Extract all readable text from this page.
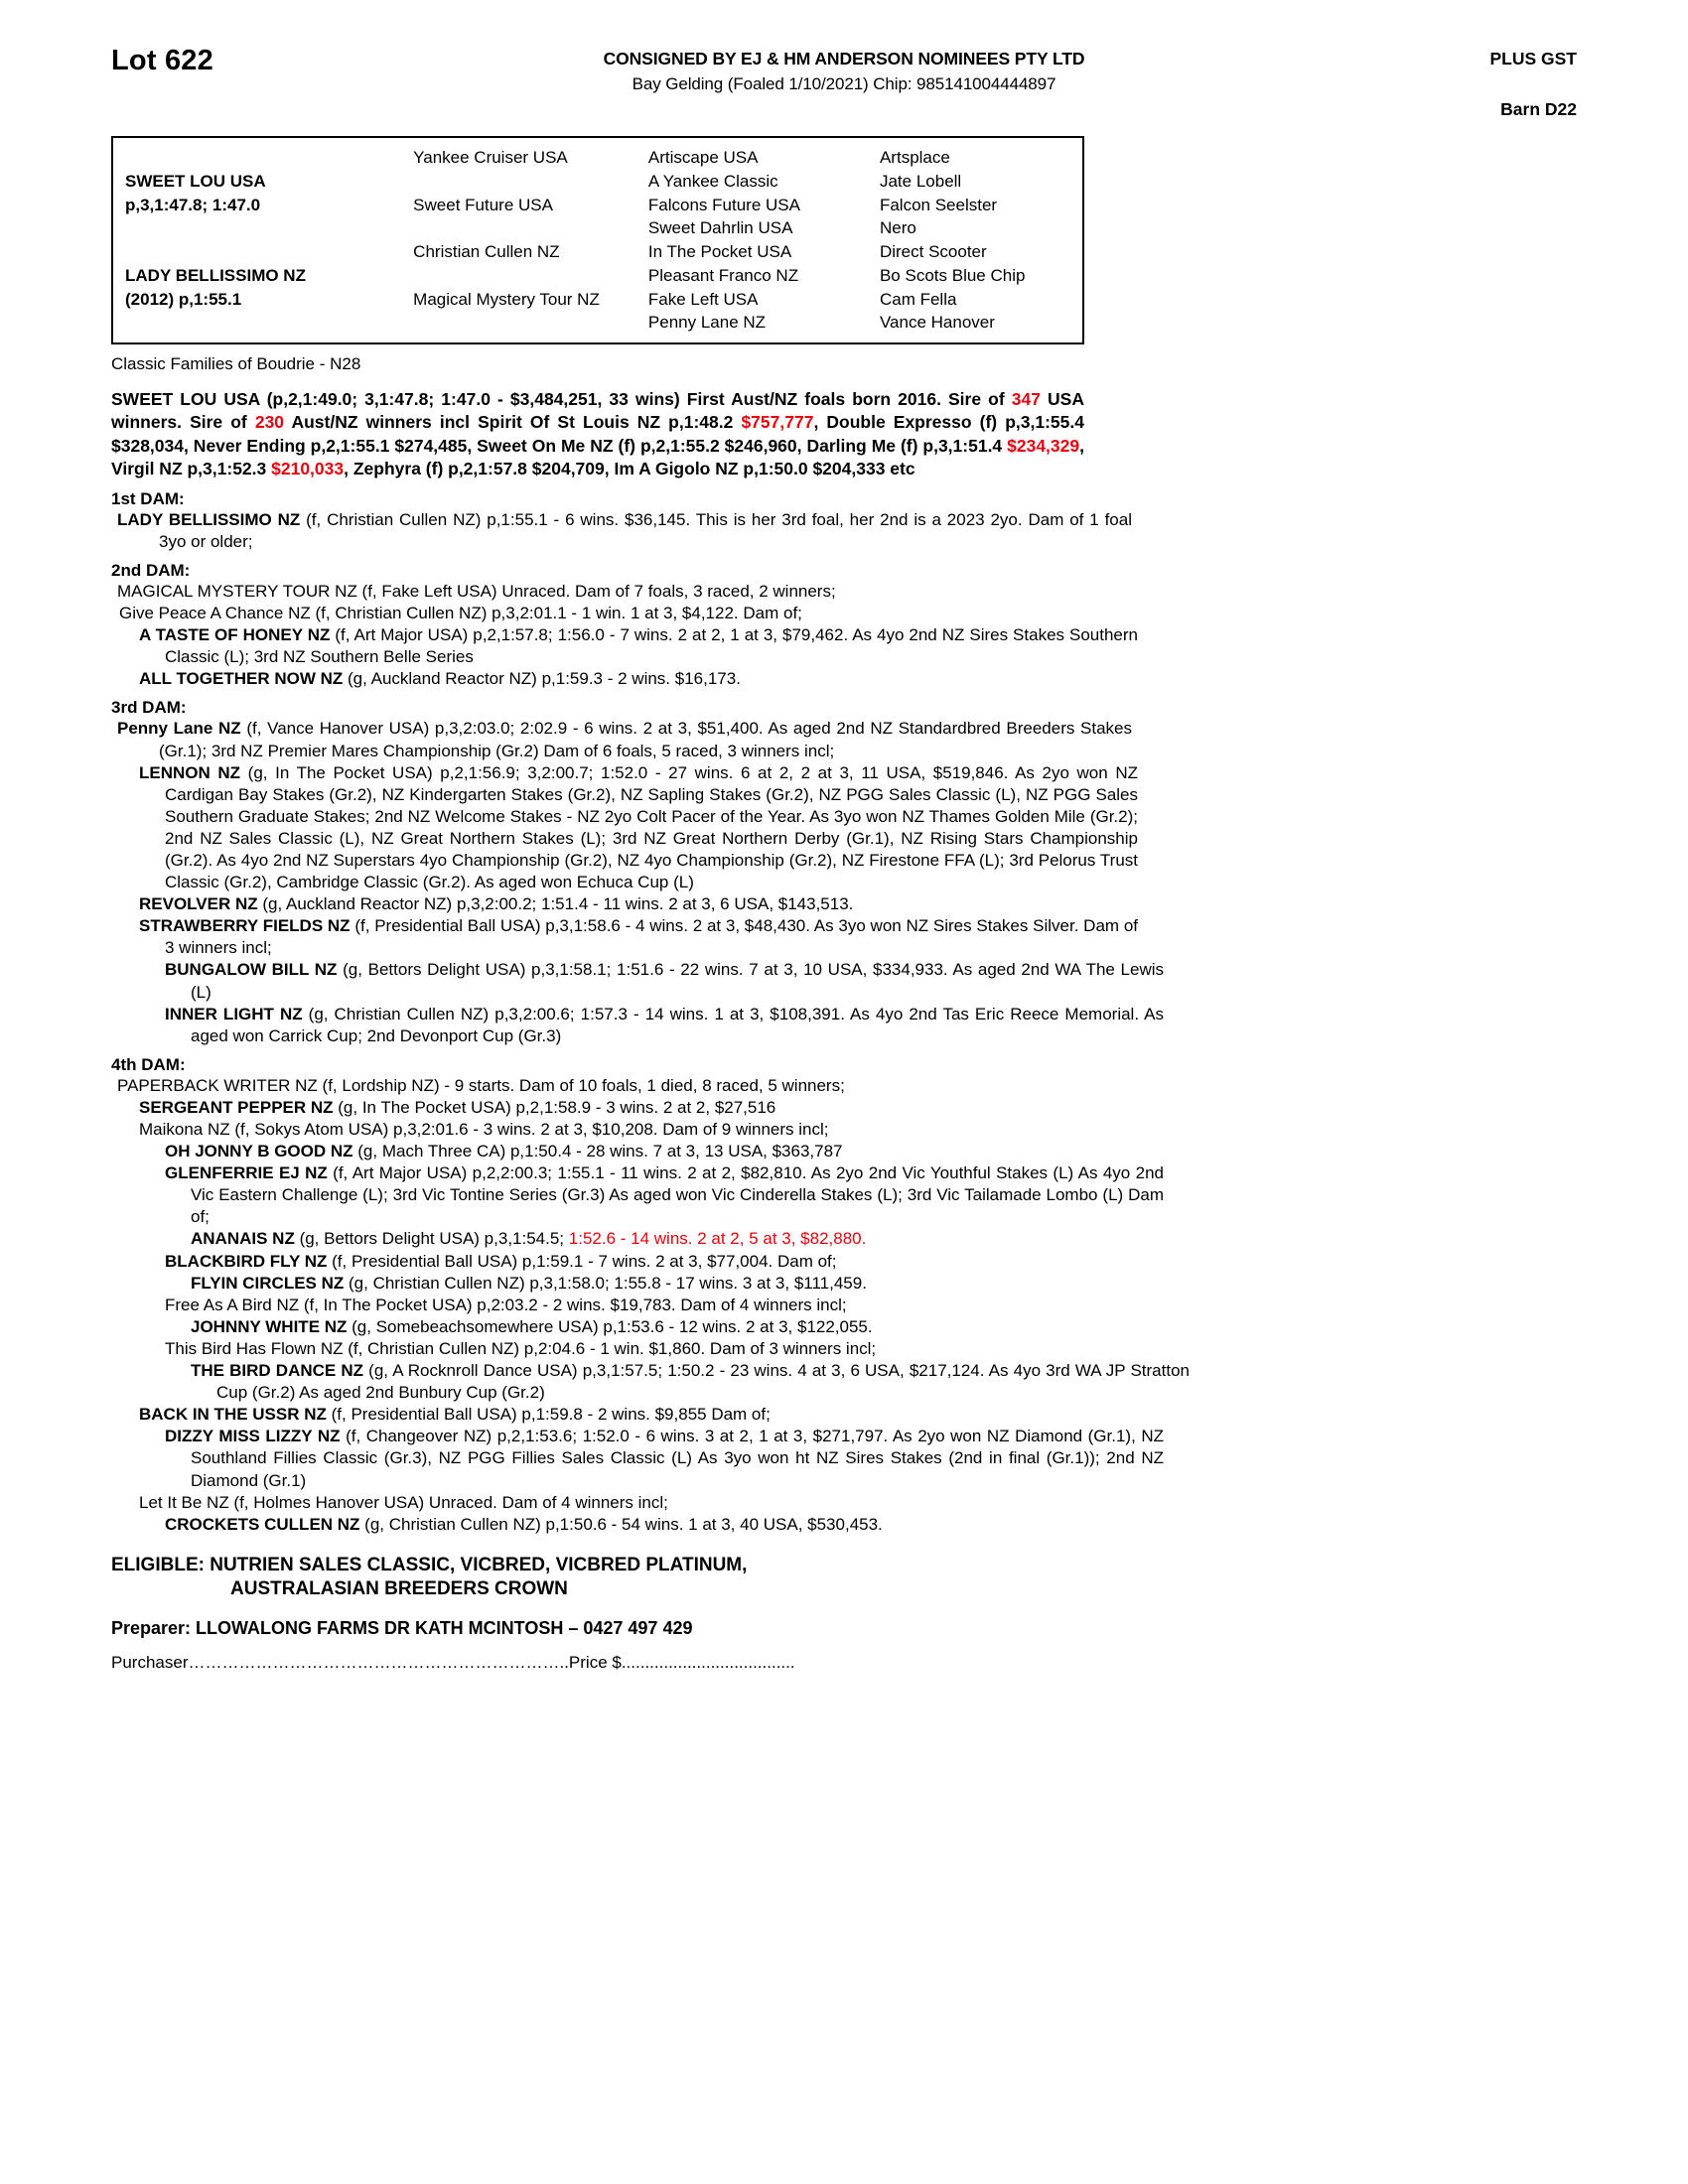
Lot 622	CONSIGNED BY EJ & HM ANDERSON NOMINEES PTY LTD
Bay Gelding (Foaled 1/10/2021) Chip: 985141004444897
PLUS GST
Barn D22
	Yankee Cruiser USA	Artiscape USA	Artsplace
SWEET LOU USA		A Yankee Classic	Jate Lobell
p,3,1:47.8; 1:47.0	Sweet Future USA	Falcons Future USA	Falcon Seelster
		Sweet Dahrlin USA	Nero
	Christian Cullen NZ	In The Pocket USA	Direct Scooter
LADY BELLISSIMO NZ		Pleasant Franco NZ	Bo Scots Blue Chip
(2012) p,1:55.1	Magical Mystery Tour NZ	Fake Left USA	Cam Fella
		Penny Lane NZ	Vance Hanover
Classic Families of Boudrie - N28
SWEET LOU USA (p,2,1:49.0; 3,1:47.8; 1:47.0 - $3,484,251, 33 wins) First Aust/NZ foals born 2016. Sire of 347 USA winners. Sire of 230 Aust/NZ winners incl Spirit Of St Louis NZ p,1:48.2 $757,777, Double Expresso (f) p,3,1:55.4 $328,034, Never Ending p,2,1:55.1 $274,485, Sweet On Me NZ (f) p,2,1:55.2 $246,960, Darling Me (f) p,3,1:51.4 $234,329, Virgil NZ p,3,1:52.3 $210,033, Zephyra (f) p,2,1:57.8 $204,709, Im A Gigolo NZ p,1:50.0 $204,333 etc
1st DAM:
LADY BELLISSIMO NZ (f, Christian Cullen NZ) p,1:55.1 - 6 wins. $36,145. This is her 3rd foal, her 2nd is a 2023 2yo. Dam of 1 foal 3yo or older;
2nd DAM:
MAGICAL MYSTERY TOUR NZ (f, Fake Left USA) Unraced. Dam of 7 foals, 3 raced, 2 winners;
Give Peace A Chance NZ (f, Christian Cullen NZ) p,3,2:01.1 - 1 win. 1 at 3, $4,122. Dam of;
A TASTE OF HONEY NZ (f, Art Major USA) p,2,1:57.8; 1:56.0 - 7 wins. 2 at 2, 1 at 3, $79,462. As 4yo 2nd NZ Sires Stakes Southern Classic (L); 3rd NZ Southern Belle Series
ALL TOGETHER NOW NZ (g, Auckland Reactor NZ) p,1:59.3 - 2 wins. $16,173.
3rd DAM:
Penny Lane NZ (f, Vance Hanover USA) p,3,2:03.0; 2:02.9 - 6 wins. 2 at 3, $51,400. As aged 2nd NZ Standardbred Breeders Stakes (Gr.1); 3rd NZ Premier Mares Championship (Gr.2) Dam of 6 foals, 5 raced, 3 winners incl;
LENNON NZ (g, In The Pocket USA) p,2,1:56.9; 3,2:00.7; 1:52.0 - 27 wins. 6 at 2, 2 at 3, 11 USA, $519,846. As 2yo won NZ Cardigan Bay Stakes (Gr.2), NZ Kindergarten Stakes (Gr.2), NZ Sapling Stakes (Gr.2), NZ PGG Sales Classic (L), NZ PGG Sales Southern Graduate Stakes; 2nd NZ Welcome Stakes - NZ 2yo Colt Pacer of the Year. As 3yo won NZ Thames Golden Mile (Gr.2); 2nd NZ Sales Classic (L), NZ Great Northern Stakes (L); 3rd NZ Great Northern Derby (Gr.1), NZ Rising Stars Championship (Gr.2). As 4yo 2nd NZ Superstars 4yo Championship (Gr.2), NZ 4yo Championship (Gr.2), NZ Firestone FFA (L); 3rd Pelorus Trust Classic (Gr.2), Cambridge Classic (Gr.2). As aged won Echuca Cup (L)
REVOLVER NZ (g, Auckland Reactor NZ) p,3,2:00.2; 1:51.4 - 11 wins. 2 at 3, 6 USA, $143,513.
STRAWBERRY FIELDS NZ (f, Presidential Ball USA) p,3,1:58.6 - 4 wins. 2 at 3, $48,430. As 3yo won NZ Sires Stakes Silver. Dam of 3 winners incl;
BUNGALOW BILL NZ (g, Bettors Delight USA) p,3,1:58.1; 1:51.6 - 22 wins. 7 at 3, 10 USA, $334,933. As aged 2nd WA The Lewis (L)
INNER LIGHT NZ (g, Christian Cullen NZ) p,3,2:00.6; 1:57.3 - 14 wins. 1 at 3, $108,391. As 4yo 2nd Tas Eric Reece Memorial. As aged won Carrick Cup; 2nd Devonport Cup (Gr.3)
4th DAM:
PAPERBACK WRITER NZ (f, Lordship NZ) - 9 starts. Dam of 10 foals, 1 died, 8 raced, 5 winners;
SERGEANT PEPPER NZ (g, In The Pocket USA) p,2,1:58.9 - 3 wins. 2 at 2, $27,516
Maikona NZ (f, Sokys Atom USA) p,3,2:01.6 - 3 wins. 2 at 3, $10,208. Dam of 9 winners incl;
OH JONNY B GOOD NZ (g, Mach Three CA) p,1:50.4 - 28 wins. 7 at 3, 13 USA, $363,787
GLENFERRIE EJ NZ (f, Art Major USA) p,2,2:00.3; 1:55.1 - 11 wins. 2 at 2, $82,810. As 2yo 2nd Vic Youthful Stakes (L) As 4yo 2nd Vic Eastern Challenge (L); 3rd Vic Tontine Series (Gr.3) As aged won Vic Cinderella Stakes (L); 3rd Vic Tailamade Lombo (L) Dam of;
ANANAIS NZ (g, Bettors Delight USA) p,3,1:54.5; 1:52.6 - 14 wins. 2 at 2, 5 at 3, $82,880.
BLACKBIRD FLY NZ (f, Presidential Ball USA) p,1:59.1 - 7 wins. 2 at 3, $77,004. Dam of;
FLYIN CIRCLES NZ (g, Christian Cullen NZ) p,3,1:58.0; 1:55.8 - 17 wins. 3 at 3, $111,459.
Free As A Bird NZ (f, In The Pocket USA) p,2:03.2 - 2 wins. $19,783. Dam of 4 winners incl;
JOHNNY WHITE NZ (g, Somebeachsomewhere USA) p,1:53.6 - 12 wins. 2 at 3, $122,055.
This Bird Has Flown NZ (f, Christian Cullen NZ) p,2:04.6 - 1 win. $1,860. Dam of 3 winners incl;
THE BIRD DANCE NZ (g, A Rocknroll Dance USA) p,3,1:57.5; 1:50.2 - 23 wins. 4 at 3, 6 USA, $217,124. As 4yo 3rd WA JP Stratton Cup (Gr.2) As aged 2nd Bunbury Cup (Gr.2)
BACK IN THE USSR NZ (f, Presidential Ball USA) p,1:59.8 - 2 wins. $9,855 Dam of;
DIZZY MISS LIZZY NZ (f, Changeover NZ) p,2,1:53.6; 1:52.0 - 6 wins. 3 at 2, 1 at 3, $271,797. As 2yo won NZ Diamond (Gr.1), NZ Southland Fillies Classic (Gr.3), NZ PGG Fillies Sales Classic (L) As 3yo won ht NZ Sires Stakes (2nd in final (Gr.1)); 2nd NZ Diamond (Gr.1)
Let It Be NZ (f, Holmes Hanover USA) Unraced. Dam of 4 winners incl;
CROCKETS CULLEN NZ (g, Christian Cullen NZ) p,1:50.6 - 54 wins. 1 at 3, 40 USA, $530,453.
ELIGIBLE: NUTRIEN SALES CLASSIC, VICBRED, VICBRED PLATINUM,
AUSTRALASIAN BREEDERS CROWN
Preparer: LLOWALONG FARMS DR KATH MCINTOSH – 0427 497 429
Purchaser…………………………………………………………..Price $.....................................
